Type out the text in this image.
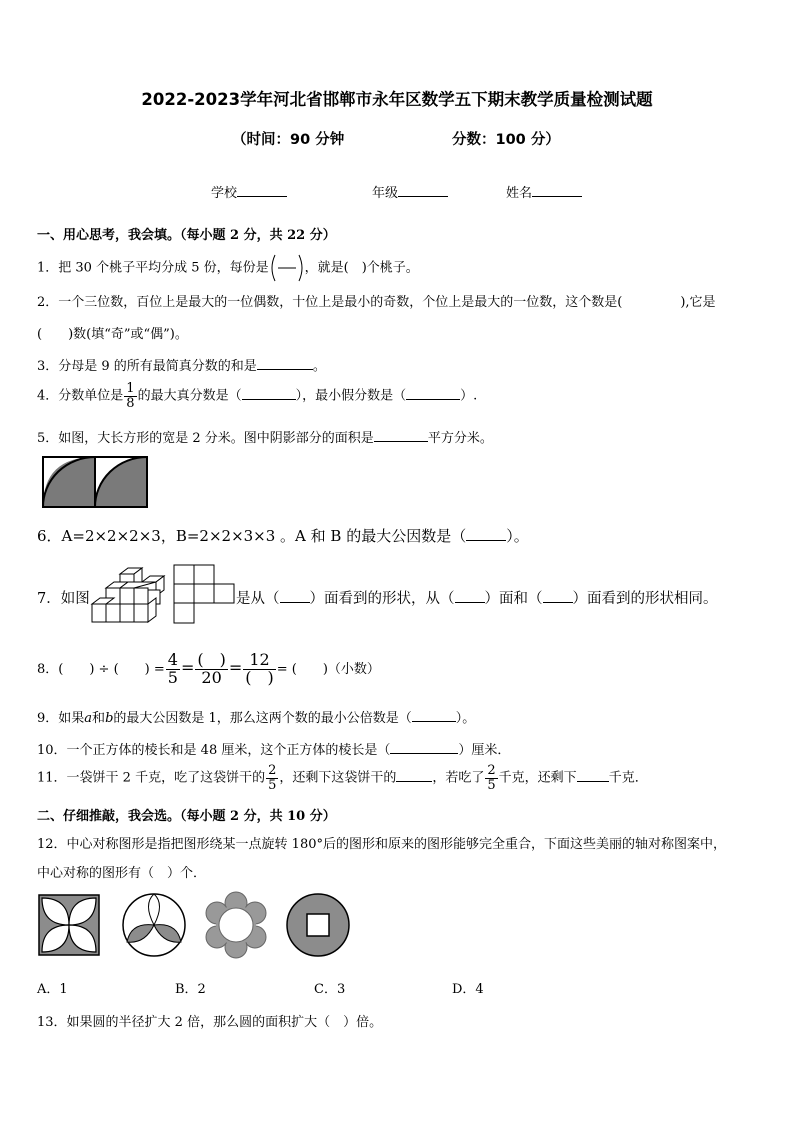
2022-2023学年河北省邯郸市永年区数学五下期末教学质量检测试题
（时间：90 分钟	分数：100 分）
学校	年级	姓名
一、用心思考，我会填。（每小题 2 分，共 22 分）
1．把 30 个桃子平均分成 5 份，每份是	，就是(　)个桃子。
2．一个三位数，百位上是最大的一位偶数，十位上是最小的奇数，个位上是最大的一位数，这个数是(	),它是
(　　)数(填“奇”或“偶”)。
3．分母是 9 的所有最简真分数的和是	。
4．分数单位是 $\frac{1}{8}$ 的最大真分数是（	），最小假分数是（	）.
5．如图，大长方形的宽是 2 分米。图中阴影部分的面积是	平方分米。
6．A=2×2×2×3，B=2×2×3×3 。A 和 B 的最大公因数是（	）。
7．如图	是从（ ）面看到的形状，从（ ）面和（ ）面看到的形状相同。
8．(　　) ÷ (　　) = $\frac{4}{5} = \frac{( )}{20} = \frac{12}{( )}$ = (　　)（小数）
9．如果a和b的最大公因数是 1，那么这两个数的最小公倍数是（	）。
10．一个正方体的棱长和是 48 厘米，这个正方体的棱长是（	）厘米．
11．一袋饼干 2 千克，吃了这袋饼干的 $\frac{2}{5}$ ，还剩下这袋饼干的	，若吃了 $\frac{2}{5}$ 千克，还剩下 千克．
二、仔细推敲，我会选。（每小题 2 分，共 10 分）
12．中心对称图形是指把图形绕某一点旋转 180°后的图形和原来的图形能够完全重合，下面这些美丽的轴对称图案中，
中心对称的图形有（　）个．
A．1	B．2	C．3	D．4
13．如果圆的半径扩大 2 倍，那么圆的面积扩大（　）倍。
